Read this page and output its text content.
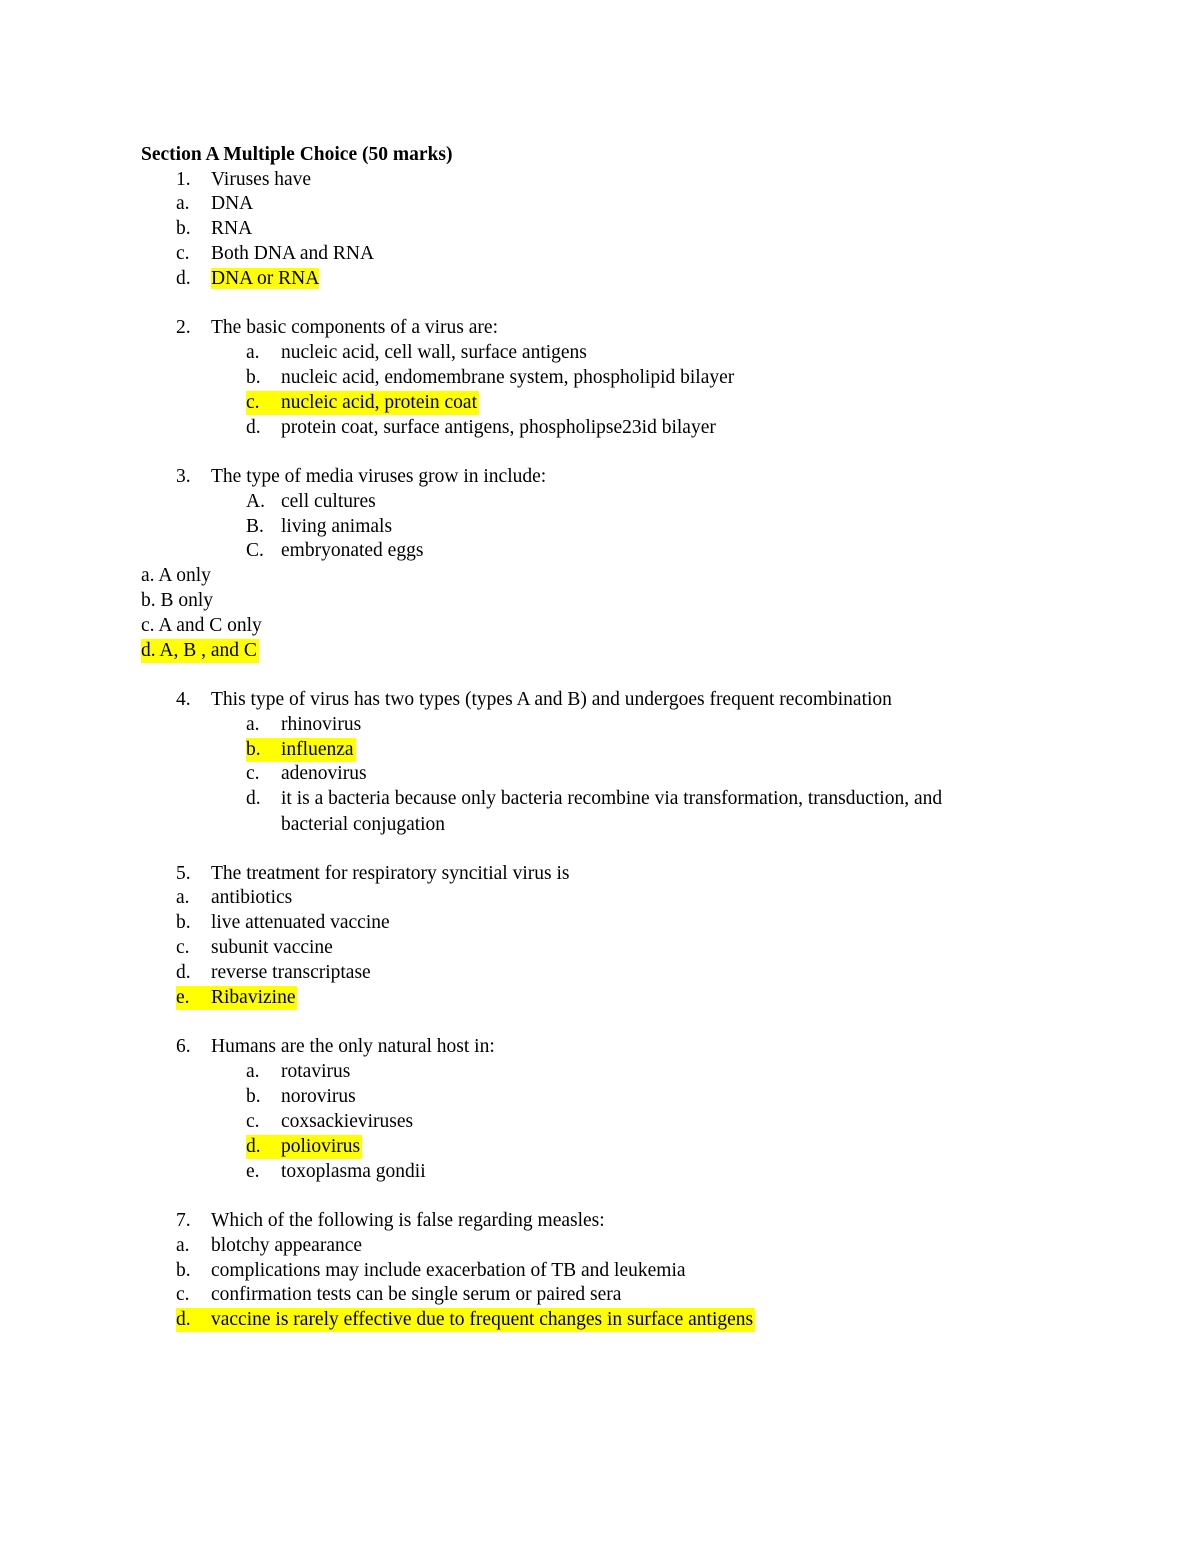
Section A Multiple Choice (50 marks)
1. Viruses have
a. DNA
b. RNA
c. Both DNA and RNA
d. DNA or RNA
2. The basic components of a virus are:
a. nucleic acid, cell wall, surface antigens
b. nucleic acid, endomembrane system, phospholipid bilayer
c. nucleic acid, protein coat
d. protein coat, surface antigens, phospholipse23id bilayer
3. The type of media viruses grow in include:
A. cell cultures
B. living animals
C. embryonated eggs
a. A only
b. B only
c. A and C only
d. A, B , and C
4. This type of virus has two types (types A and B) and undergoes frequent recombination
a. rhinovirus
b. influenza
c. adenovirus
d. it is a bacteria because only bacteria recombine via transformation, transduction, and
bacterial conjugation
5. The treatment for respiratory syncitial virus is
a. antibiotics
b. live attenuated vaccine
c. subunit vaccine
d. reverse transcriptase
e. Ribavizine
6. Humans are the only natural host in:
a. rotavirus
b. norovirus
c. coxsackieviruses
d. poliovirus
e. toxoplasma gondii
7. Which of the following is false regarding measles:
a. blotchy appearance
b. complications may include exacerbation of TB and leukemia
c. confirmation tests can be single serum or paired sera
d. vaccine is rarely effective due to frequent changes in surface antigens
